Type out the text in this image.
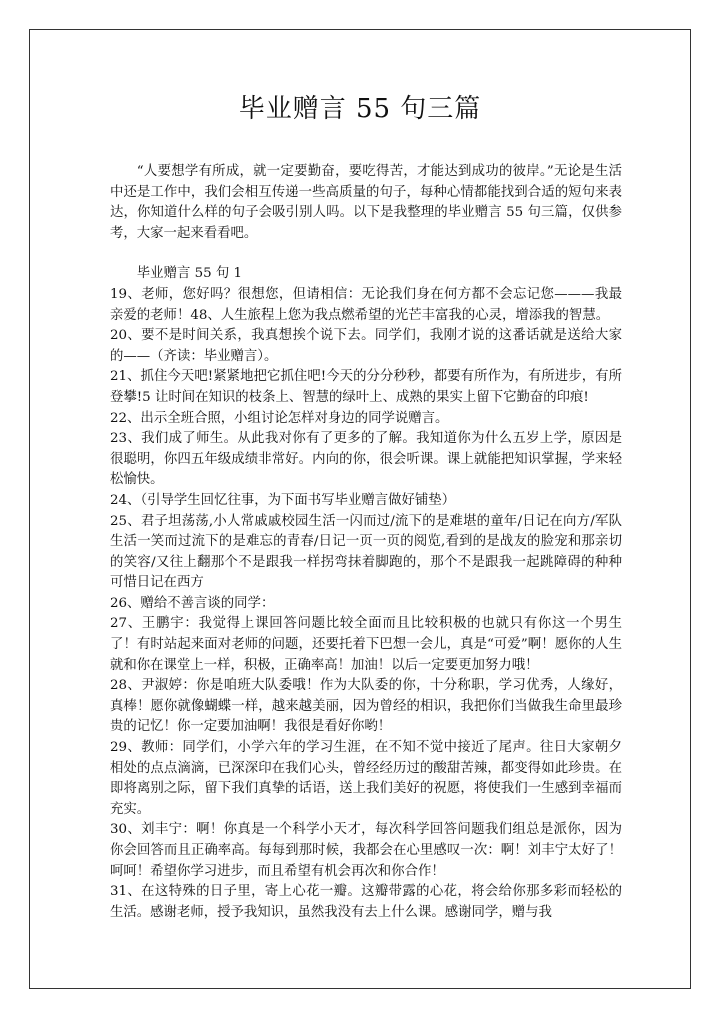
毕业赠言 55 句三篇

“人要想学有所成，就一定要勤奋，要吃得苦，才能达到成功的彼岸。”无论是生活中还是工作中，我们会相互传递一些高质量的句子，每种心情都能找到合适的短句来表达，你知道什么样的句子会吸引别人吗。以下是我整理的毕业赠言 55 句三篇，仅供参考，大家一起来看看吧。

毕业赠言 55 句 1

19、老师，您好吗？很想您，但请相信：无论我们身在何方都不会忘记您———我最亲爱的老师！48、人生旅程上您为我点燃希望的光芒丰富我的心灵，增添我的智慧。

20、要不是时间关系，我真想挨个说下去。同学们，我刚才说的这番话就是送给大家的——（齐读：毕业赠言）。

21、抓住今天吧!紧紧地把它抓住吧!今天的分分秒秒，都要有所作为，有所进步，有所登攀!5 让时间在知识的枝条上、智慧的绿叶上、成熟的果实上留下它勤奋的印痕!

22、出示全班合照，小组讨论怎样对身边的同学说赠言。

23、我们成了师生。从此我对你有了更多的了解。我知道你为什么五岁上学，原因是很聪明，你四五年级成绩非常好。内向的你，很会听课。课上就能把知识掌握，学来轻松愉快。

24、（引导学生回忆往事，为下面书写毕业赠言做好铺垫）

25、君子坦荡荡,小人常戚戚校园生活一闪而过/流下的是难堪的童年/日记在向方/军队生活一笑而过流下的是难忘的青春/日记一页一页的阅览,看到的是战友的脸宠和那亲切的笑容/又往上翻那个不是跟我一样拐弯抹着脚跑的，那个不是跟我一起跳障碍的种种可惜日记在西方

26、赠给不善言谈的同学：

27、王鹏宇：我觉得上课回答问题比较全面而且比较积极的也就只有你这一个男生了！有时站起来面对老师的问题，还要托着下巴想一会儿，真是“可爱”啊！愿你的人生就和你在课堂上一样，积极，正确率高！加油！以后一定要更加努力哦！

28、尹淑婷：你是咱班大队委哦！作为大队委的你，十分称职，学习优秀，人缘好，真棒！愿你就像蝴蝶一样，越来越美丽，因为曾经的相识，我把你们当做我生命里最珍贵的记忆！你一定要加油啊！我很是看好你哟！

29、教师：同学们，小学六年的学习生涯，在不知不觉中接近了尾声。往日大家朝夕相处的点点滴滴，已深深印在我们心头，曾经经历过的酸甜苦辣，都变得如此珍贵。在即将离别之际，留下我们真挚的话语，送上我们美好的祝愿，将使我们一生感到幸福而充实。

30、刘丰宁：啊！你真是一个科学小天才，每次科学回答问题我们组总是派你，因为你会回答而且正确率高。每每到那时候，我都会在心里感叹一次：啊！刘丰宁太好了！呵呵！希望你学习进步，而且希望有机会再次和你合作！

31、在这特殊的日子里，寄上心花一瓣。这瓣带露的心花，将会给你那多彩而轻松的生活。感谢老师，授予我知识，虽然我没有去上什么课。感谢同学，赠与我
